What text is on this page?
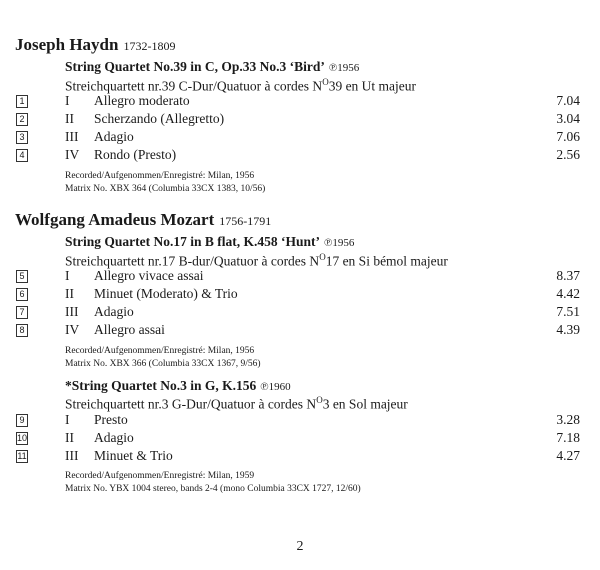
Joseph Haydn 1732-1809
String Quartet No.39 in C, Op.33 No.3 ‘Bird’ ℗1956
Streichquartett nr.39 C-Dur/Quatuor à cordes $N^O39$ en Ut majeur
1	I Allegro moderato	7.04
2	II Scherzando (Allegretto)	3.04
3	III Adagio	7.06
4	IV Rondo (Presto)	2.56
Recorded/Aufgenommen/Enregistré: Milan, 1956
Matrix No. XBX 364 (Columbia 33CX 1383, 10/56)
Wolfgang Amadeus Mozart 1756-1791
String Quartet No.17 in B flat, K.458 ‘Hunt’ ℗1956
Streichquartett nr.17 B-dur/Quatuor à cordes $N^O17$ en Si bémol majeur
5	I Allegro vivace assai	8.37
6	II Minuet (Moderato) & Trio	4.42
7	III Adagio	7.51
8	IV Allegro assai	4.39
Recorded/Aufgenommen/Enregistré: Milan, 1956
Matrix No. XBX 366 (Columbia 33CX 1367, 9/56)
*String Quartet No.3 in G, K.156 ℗1960
Streichquartett nr.3 G-Dur/Quatuor à cordes $N^O3$ en Sol majeur
9	I Presto	3.28
10	II Adagio	7.18
11	III Minuet & Trio	4.27
Recorded/Aufgenommen/Enregistré: Milan, 1959
Matrix No. YBX 1004 stereo, bands 2-4 (mono Columbia 33CX 1727, 12/60)
2
